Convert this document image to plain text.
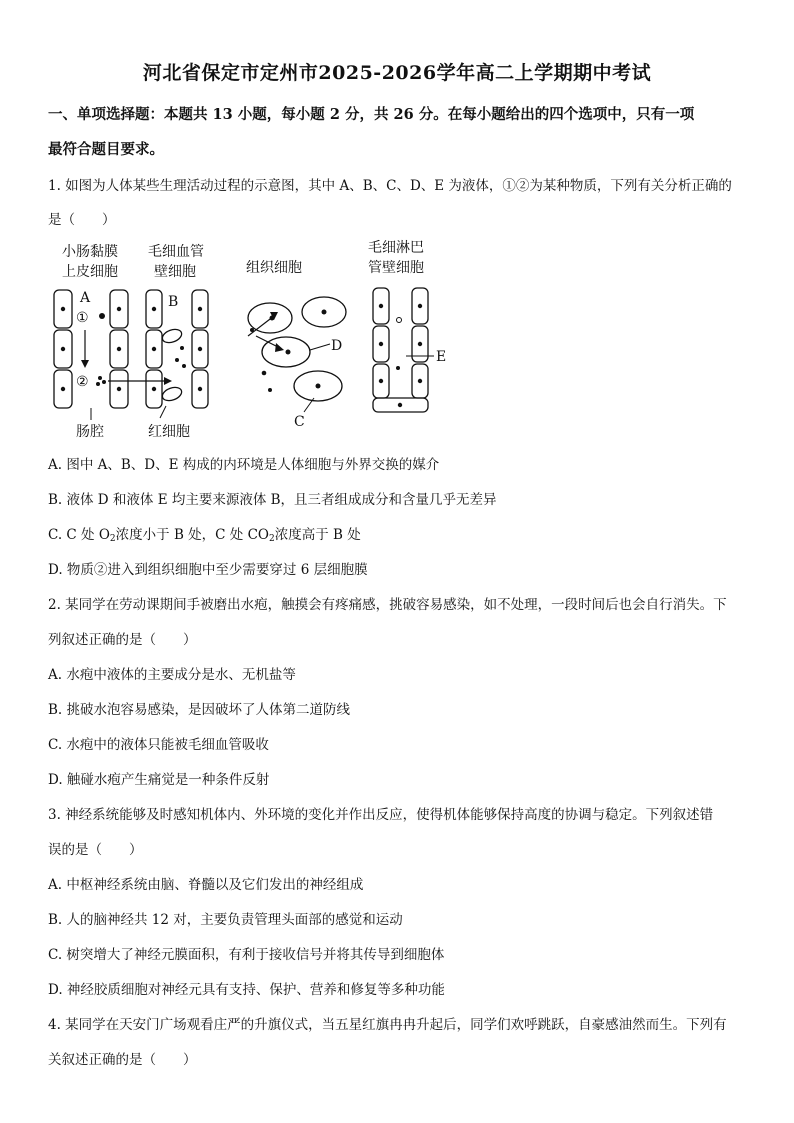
河北省保定市定州市2025-2026学年高二上学期期中考试
一、单项选择题：本题共 13 小题，每小题 2 分，共 26 分。在每小题给出的四个选项中，只有一项
最符合题目要求。
1. 如图为人体某些生理活动过程的示意图，其中 A、B、C、D、E 为液体，①②为某种物质，下列有关分析正确的
是（　　）
小肠黏膜
上皮细胞
毛细血管
壁细胞	组织细胞
毛细淋巴
管壁细胞
A
①
②
肠腔
B
红细胞
D
C
E
A. 图中 A、B、D、E 构成的内环境是人体细胞与外界交换的媒介
B. 液体 D 和液体 E 均主要来源液体 B，且三者组成成分和含量几乎无差异
C. C 处 $O_2$浓度小于 B 处，C 处 $CO_2$浓度高于 B 处
D. 物质②进入到组织细胞中至少需要穿过 6 层细胞膜
2. 某同学在劳动课期间手被磨出水疱，触摸会有疼痛感，挑破容易感染，如不处理，一段时间后也会自行消失。下
列叙述正确的是（　　）
A. 水疱中液体的主要成分是水、无机盐等
B. 挑破水泡容易感染，是因破坏了人体第二道防线
C. 水疱中的液体只能被毛细血管吸收
D. 触碰水疱产生痛觉是一种条件反射
3. 神经系统能够及时感知机体内、外环境的变化并作出反应，使得机体能够保持高度的协调与稳定。下列叙述错
误的是（　　）
A. 中枢神经系统由脑、脊髓以及它们发出的神经组成
B. 人的脑神经共 12 对，主要负责管理头面部的感觉和运动
C. 树突增大了神经元膜面积，有利于接收信号并将其传导到细胞体
D. 神经胶质细胞对神经元具有支持、保护、营养和修复等多种功能
4. 某同学在天安门广场观看庄严的升旗仪式，当五星红旗冉冉升起后，同学们欢呼跳跃，自豪感油然而生。下列有
关叙述正确的是（　　）
